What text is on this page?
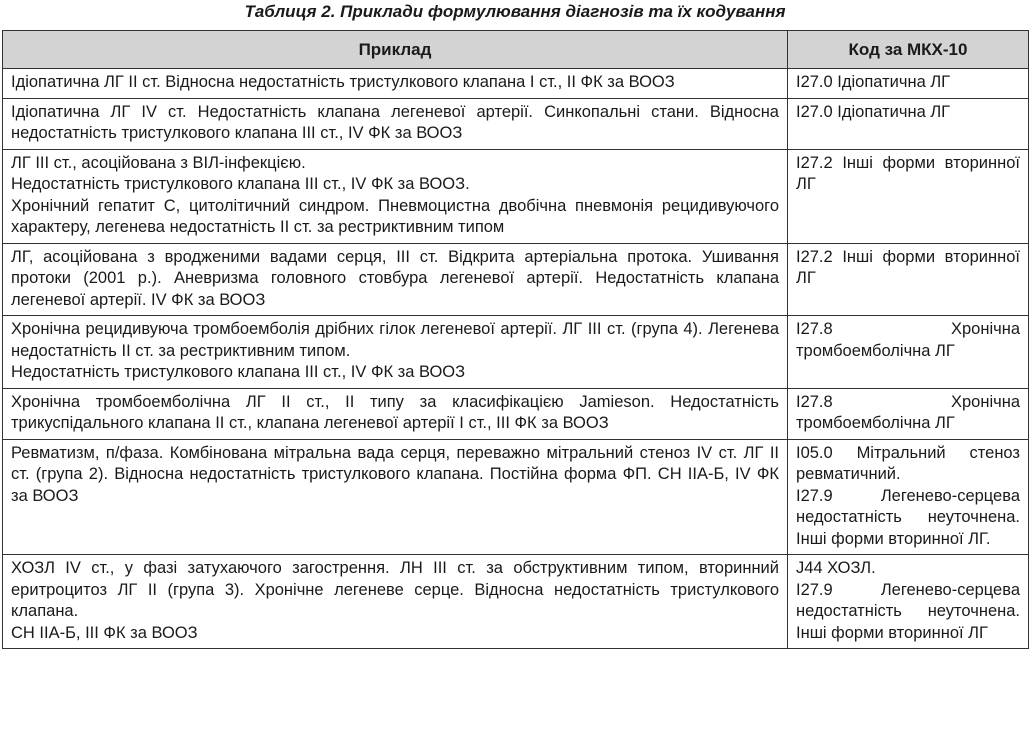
Таблиця 2. Приклади формулювання діагнозів та їх кодування
Приклад	Код за МКХ-10

Ідіопатична ЛГ ІІ ст. Відносна недостатність тристулкового клапана І ст., ІІ ФК за ВООЗ	І27.0 Ідіопатична ЛГ

Ідіопатична ЛГ ІV ст. Недостатність клапана легеневої артерії. Синкопальні стани. Відносна недостатність тристулкового клапана ІІІ ст., ІV ФК за ВООЗ	І27.0 Ідіопатична ЛГ

ЛГ ІІІ ст., асоційована з ВІЛ-інфекцією.
Недостатність тристулкового клапана ІІІ ст., ІV ФК за ВООЗ.
Хронічний гепатит С, цитолітичний синдром. Пневмоцистна двобічна пневмонія рецидивуючого характеру, легенева недостатність ІІ ст. за рестриктивним типом	І27.2 Інші форми вторинної ЛГ

ЛГ, асоційована з вродженими вадами серця, ІІІ ст. Відкрита артеріальна протока. Ушивання протоки (2001 р.). Аневризма головного стовбура легеневої артерії. Недостатність клапана легеневої артерії. ІV ФК за ВООЗ	І27.2 Інші форми вторинної ЛГ

Хронічна рецидивуюча тромбоемболія дрібних гілок легеневої артерії. ЛГ ІІІ ст. (група 4). Легенева недостатність ІІ ст. за рестриктивним типом.
Недостатність тристулкового клапана ІІІ ст., ІV ФК за ВООЗ	І27.8 Хронічна тромбоемболічна ЛГ

Хронічна тромбоемболічна ЛГ ІІ ст., ІІ типу за класифікацією Jamieson. Недостатність трикуспідального клапана ІІ ст., клапана легеневої артерії І ст., ІІІ ФК за ВООЗ	І27.8 Хронічна тромбоемболічна ЛГ

Ревматизм, п/фаза. Комбінована мітральна вада серця, переважно мітральний стеноз ІV ст. ЛГ ІІ ст. (група 2). Відносна недостатність тристулкового клапана. Постійна форма ФП. СН ІІА-Б, ІV ФК за ВООЗ	І05.0 Мітральний стеноз ревматичний.
І27.9 Легенево-серцева недостатність неуточнена. Інші форми вторинної ЛГ.

ХОЗЛ ІV ст., у фазі затухаючого загострення. ЛН ІІІ ст. за обструктивним типом, вторинний еритроцитоз ЛГ ІІ (група 3). Хронічне легеневе серце. Відносна недостатність тристулкового клапана.
СН ІІА-Б, ІІІ ФК за ВООЗ	J44 ХОЗЛ.
І27.9 Легенево-серцева недостатність неуточнена. Інші форми вторинної ЛГ
